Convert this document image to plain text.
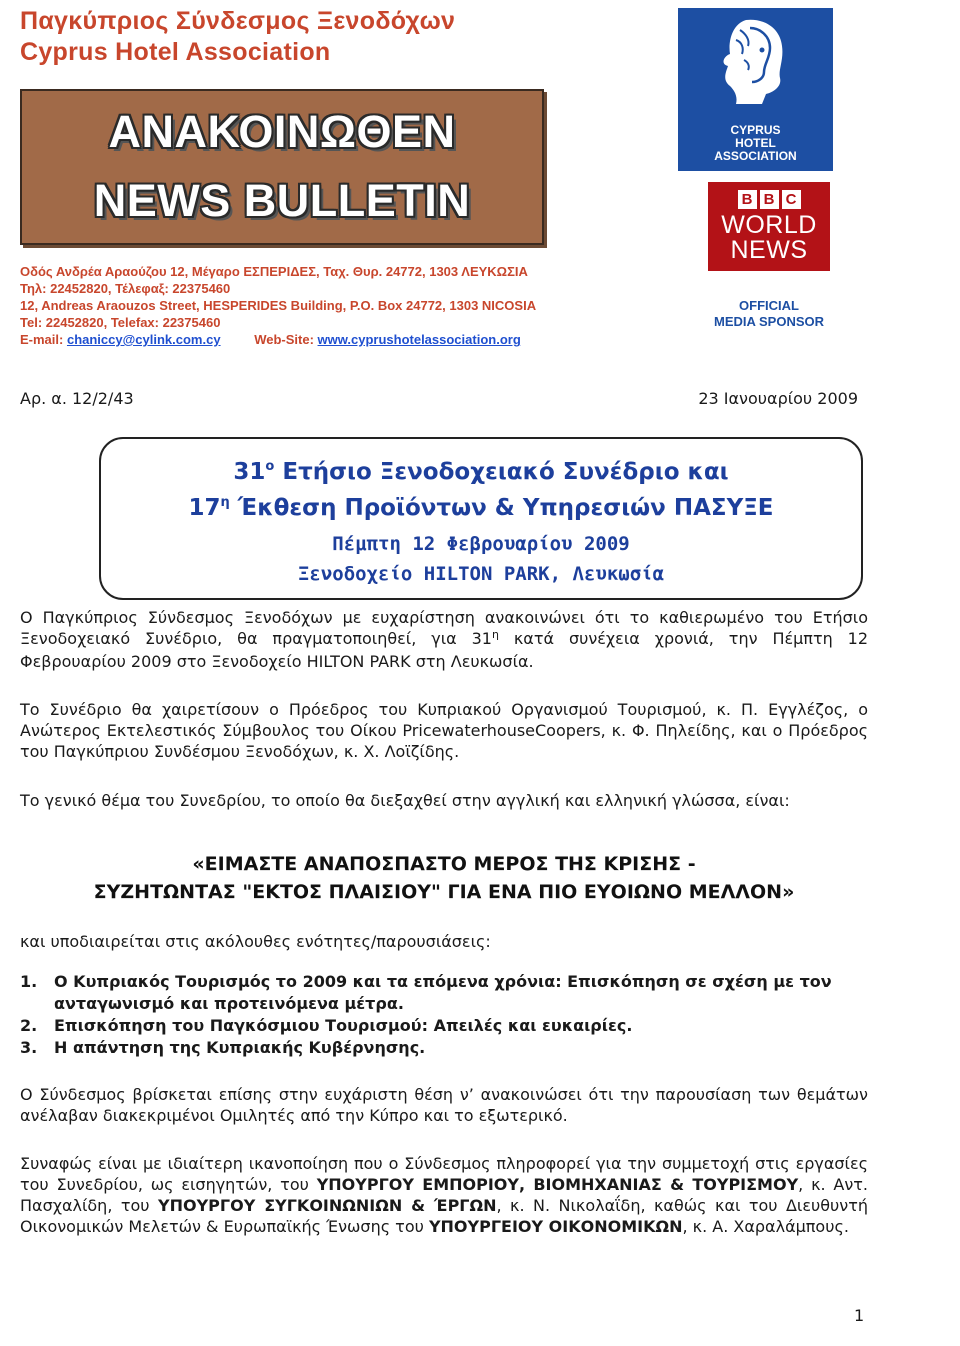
Παγκύπριος Σύνδεσμος Ξενοδόχων
Cyprus Hotel Association
ΑΝΑΚΟΙΝΩΘΕΝ
NEWS BULLETIN
Οδός Ανδρέα Αραούζου 12, Μέγαρο ΕΣΠΕΡΙΔΕΣ, Ταχ. Θυρ. 24772, 1303 ΛΕΥΚΩΣΙΑ
Τηλ: 22452820, Τέλεφαξ: 22375460
12, Andreas Araouzos Street, HESPERIDES Building, P.O. Box 24772, 1303 NICOSIA
Tel: 22452820, Telefax: 22375460
E-mail: chaniccy@cylink.com.cy	Web-Site: www.cyprushotelassociation.org
CYPRUS
HOTEL
ASSOCIATION
B B C
WORLD
NEWS
OFFICIAL
MEDIA SPONSOR
Αρ. α. 12/2/43	23 Ιανουαρίου 2009
$31^o$ Ετήσιο Ξενοδοχειακό Συνέδριο και
$17^\eta$ Έκθεση Προϊόντων & Υπηρεσιών ΠΑΣΥΞΕ
Πέμπτη 12 Φεβρουαρίου 2009
Ξενοδοχείο HILTON PARK, Λευκωσία
Ο Παγκύπριος Σύνδεσμος Ξενοδόχων με ευχαρίστηση ανακοινώνει ότι το καθιερωμένο του Ετήσιο Ξενοδοχειακό Συνέδριο, θα πραγματοποιηθεί, για $31^\eta$ κατά συνέχεια χρονιά, την Πέμπτη 12 Φεβρουαρίου 2009 στο Ξενοδοχείο HILTON PARK στη Λευκωσία.
Το Συνέδριο θα χαιρετίσουν ο Πρόεδρος του Κυπριακού Οργανισμού Τουρισμού, κ. Π. Εγγλέζος, ο Ανώτερος Εκτελεστικός Σύμβουλος του Οίκου PricewaterhouseCoopers, κ. Φ. Πηλείδης, και ο Πρόεδρος του Παγκύπριου Συνδέσμου Ξενοδόχων, κ. Χ. Λοϊζίδης.
Το γενικό θέμα του Συνεδρίου, το οποίο θα διεξαχθεί στην αγγλική και ελληνική γλώσσα, είναι:
«ΕΙΜΑΣΤΕ ΑΝΑΠΟΣΠΑΣΤΟ ΜΕΡΟΣ ΤΗΣ ΚΡΙΣΗΣ -
ΣΥΖΗΤΩΝΤΑΣ "ΕΚΤΟΣ ΠΛΑΙΣΙΟΥ" ΓΙΑ ΕΝΑ ΠΙΟ ΕΥΟΙΩΝΟ ΜΕΛΛΟΝ»
και υποδιαιρείται στις ακόλουθες ενότητες/παρουσιάσεις:
1.	Ο Κυπριακός Τουρισμός το 2009 και τα επόμενα χρόνια: Επισκόπηση σε σχέση με τον ανταγωνισμό και προτεινόμενα μέτρα.
2.	Επισκόπηση του Παγκόσμιου Τουρισμού: Απειλές και ευκαιρίες.
3.	Η απάντηση της Κυπριακής Κυβέρνησης.
Ο Σύνδεσμος βρίσκεται επίσης στην ευχάριστη θέση ν’ ανακοινώσει ότι την παρουσίαση των θεμάτων ανέλαβαν διακεκριμένοι Ομιλητές από την Κύπρο και το εξωτερικό.
Συναφώς είναι με ιδιαίτερη ικανοποίηση που ο Σύνδεσμος πληροφορεί για την συμμετοχή στις εργασίες του Συνεδρίου, ως εισηγητών, του ΥΠΟΥΡΓΟΥ ΕΜΠΟΡΙΟΥ, ΒΙΟΜΗΧΑΝΙΑΣ & ΤΟΥΡΙΣΜΟΥ, κ. Αντ. Πασχαλίδη, του ΥΠΟΥΡΓΟΥ ΣΥΓΚΟΙΝΩΝΙΩΝ & ΈΡΓΩΝ, κ. Ν. Νικολαΐδη, καθώς και του Διευθυντή Οικονομικών Μελετών & Ευρωπαϊκής Ένωσης του ΥΠΟΥΡΓΕΙΟΥ ΟΙΚΟΝΟΜΙΚΩΝ, κ. Α. Χαραλάμπους.
1
